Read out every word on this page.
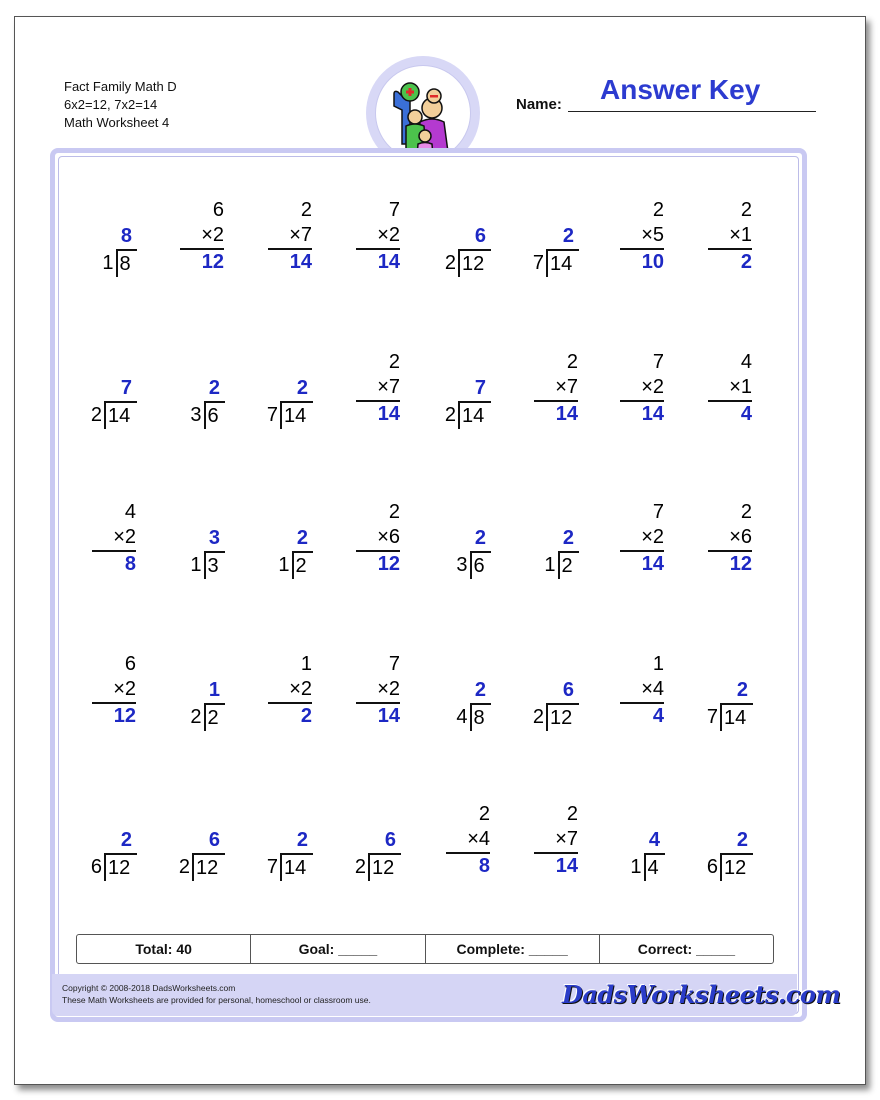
Fact Family Math D
6x2=12, 7x2=14
Math Worksheet 4
Answer Key
Name:
8
1 8
6
×2
12
2
×7
14
7
×2
14
6
2 12
2
7 14
2
×5
10
2
×1
2
7
2 14
2
3 6
2
7 14
2
×7
14
7
2 14
2
×7
14
7
×2
14
4
×1
4
4
×2
8
3
1 3
2
1 2
2
×6
12
2
3 6
2
1 2
7
×2
14
2
×6
12
6
×2
12
1
2 2
1
×2
2
7
×2
14
2
4 8
6
2 12
1
×4
4
2
7 14
2
6 12
6
2 12
2
7 14
6
2 12
2
×4
8
2
×7
14
4
1 4
2
6 12
Total: 40	Goal: _____	Complete: _____	Correct: _____
Copyright © 2008-2018 DadsWorksheets.com
These Math Worksheets are provided for personal, homeschool or classroom use.	DadsWorksheets.com
